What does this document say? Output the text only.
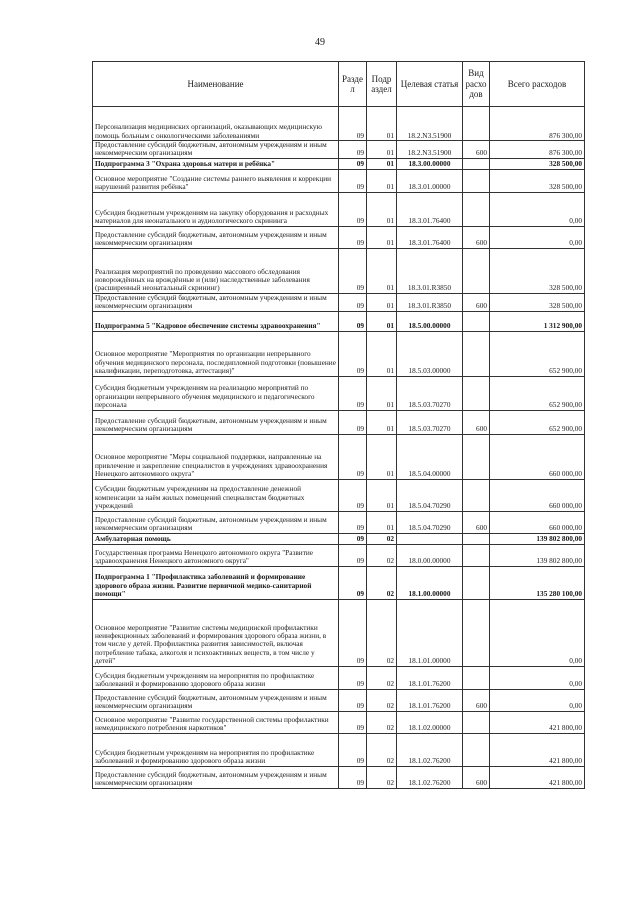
49
Наименование	Разде л	Подр аздел	Целевая статья	Вид расхо дов	Всего расходов
Персонализация медицинских организаций, оказывающих медицинскую помощь больным с онкологическими заболеваниями	09	01	18.2.N3.51900		876 300,00
Предоставление субсидий бюджетным, автономным учреждениям и иным некоммерческим организациям	09	01	18.2.N3.51900	600	876 300,00
Подпрограмма 3 "Охрана здоровья матери и ребёнка"	09	01	18.3.00.00000		328 500,00
Основное мероприятие "Создание системы раннего выявления и коррекции нарушений развития ребёнка"	09	01	18.3.01.00000		328 500,00
Субсидия бюджетным учреждениям на закупку оборудования и расходных материалов для неонатального и аудиологического скрининга	09	01	18.3.01.76400		0,00
Предоставление субсидий бюджетным, автономным учреждениям и иным некоммерческим организациям	09	01	18.3.01.76400	600	0,00
Реализация мероприятий по проведению массового обследования новорождённых на врождённые и (или) наследственные заболевания (расширенный неонатальный скрининг)	09	01	18.3.01.R3850		328 500,00
Предоставление субсидий бюджетным, автономным учреждениям и иным некоммерческим организациям	09	01	18.3.01.R3850	600	328 500,00
Подпрограмма 5 "Кадровое обеспечение системы здравоохранения"	09	01	18.5.00.00000		1 312 900,00
Основное мероприятие "Мероприятия по организации непрерывного обучения медицинского персонала, последипломной подготовки (повышение квалификации, переподготовка, аттестация)"	09	01	18.5.03.00000		652 900,00
Субсидия бюджетным учреждениям на реализацию мероприятий по организации непрерывного обучения медицинского и педагогического персонала	09	01	18.5.03.70270		652 900,00
Предоставление субсидий бюджетным, автономным учреждениям и иным некоммерческим организациям	09	01	18.5.03.70270	600	652 900,00
Основное мероприятие "Меры социальной поддержки, направленные на привлечение и закрепление специалистов в учреждениях здравоохранения Ненецкого автономного округа"	09	01	18.5.04.00000		660 000,00
Субсидии бюджетным учреждениям на предоставление денежной компенсации за наём жилых помещений специалистам бюджетных учреждений	09	01	18.5.04.70290		660 000,00
Предоставление субсидий бюджетным, автономным учреждениям и иным некоммерческим организациям	09	01	18.5.04.70290	600	660 000,00
Амбулаторная помощь	09	02			139 802 800,00
Государственная программа Ненецкого автономного округа "Развитие здравоохранения Ненецкого автономного округа"	09	02	18.0.00.00000		139 802 800,00
Подпрограмма 1 "Профилактика заболеваний и формирование здорового образа жизни. Развитие первичной медико-санитарной помощи"	09	02	18.1.00.00000		135 280 100,00
Основное мероприятие "Развитие системы медицинской профилактики неинфекционных заболеваний и формирования здорового образа жизни, в том числе у детей. Профилактика развития зависимостей, включая потребление табака, алкоголя и психоактивных веществ, в том числе у детей"	09	02	18.1.01.00000		0,00
Субсидия бюджетным учреждениям на мероприятия по профилактике заболеваний и формированию здорового образа жизни	09	02	18.1.01.76200		0,00
Предоставление субсидий бюджетным, автономным учреждениям и иным некоммерческим организациям	09	02	18.1.01.76200	600	0,00
Основное мероприятие "Развитие государственной системы профилактики немедицинского потребления наркотиков"	09	02	18.1.02.00000		421 800,00
Субсидия бюджетным учреждениям на мероприятия по профилактике заболеваний и формированию здорового образа жизни	09	02	18.1.02.76200		421 800,00
Предоставление субсидий бюджетным, автономным учреждениям и иным некоммерческим организациям	09	02	18.1.02.76200	600	421 800,00
